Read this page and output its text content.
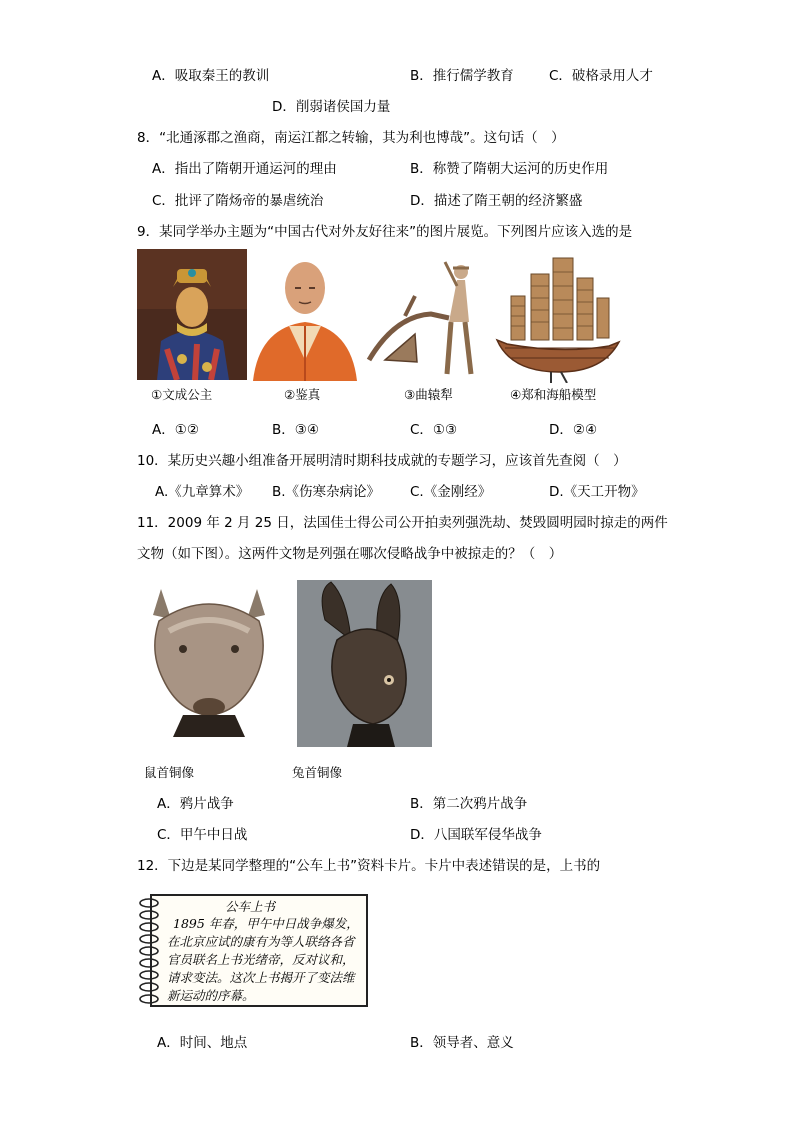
A．吸取秦王的教训	B．推行儒学教育	C．破格录用人才
D．削弱诸侯国力量
8．“北通涿郡之渔商，南运江都之转输，其为利也博哉”。这句话（　）
A．指出了隋朝开通运河的理由	B．称赞了隋朝大运河的历史作用
C．批评了隋炀帝的暴虐统治	D．描述了隋王朝的经济繁盛
9．某同学举办主题为“中国古代对外友好往来”的图片展览。下列图片应该入选的是
①文成公主	②鉴真	③曲辕犁	④郑和海船模型
A．①②	B．③④	C．①③	D．②④
10．某历史兴趣小组准备开展明清时期科技成就的专题学习，应该首先查阅（　）
A.《九章算术》 B.《伤寒杂病论》 C.《金刚经》	D.《天工开物》
11．2009 年 2 月 25 日，法国佳士得公司公开拍卖列强洗劫、焚毁圆明园时掠走的两件
文物（如下图）。这两件文物是列强在哪次侵略战争中被掠走的？（　）
鼠首铜像	兔首铜像
A．鸦片战争	B．第二次鸦片战争
C．甲午中日战	D．八国联军侵华战争
12．下边是某同学整理的“公车上书”资料卡片。卡片中表述错误的是，上书的
公车上书
1895 年春，甲午中日战争爆发，
在北京应试的康有为等人联络各省
官员联名上书光绪帝，反对议和，
请求变法。这次上书揭开了变法维
新运动的序幕。
A．时间、地点	B．领导者、意义
